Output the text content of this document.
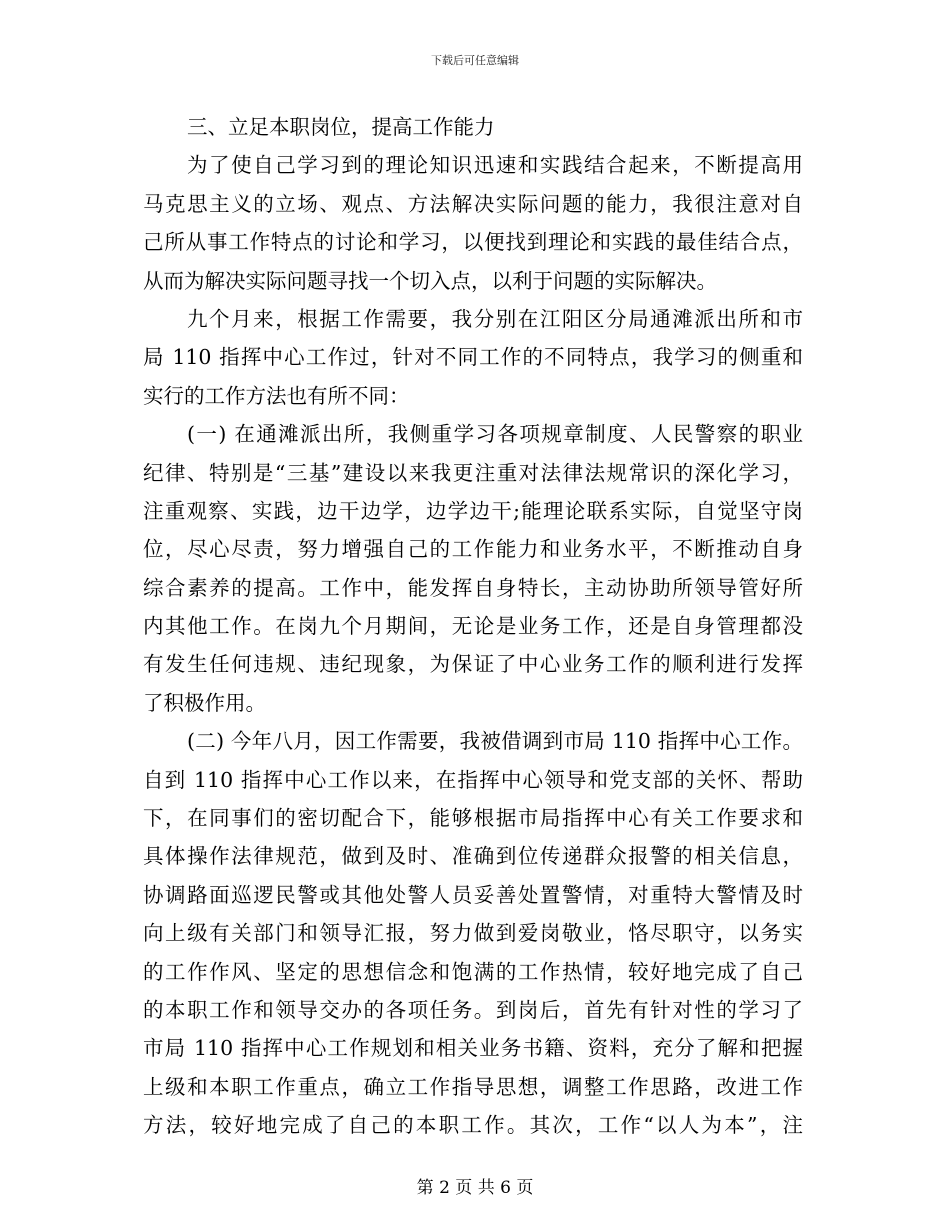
下载后可任意编辑
三、立足本职岗位，提高工作能力
为了使自己学习到的理论知识迅速和实践结合起来，不断提高用
马克思主义的立场、观点、方法解决实际问题的能力，我很注意对自
己所从事工作特点的讨论和学习，以便找到理论和实践的最佳结合点，
从而为解决实际问题寻找一个切入点，以利于问题的实际解决。
九个月来，根据工作需要，我分别在江阳区分局通滩派出所和市
局 110 指挥中心工作过，针对不同工作的不同特点，我学习的侧重和
实行的工作方法也有所不同：
(一) 在通滩派出所，我侧重学习各项规章制度、人民警察的职业
纪律、特别是“三基”建设以来我更注重对法律法规常识的深化学习，
注重观察、实践，边干边学，边学边干;能理论联系实际，自觉坚守岗
位，尽心尽责，努力增强自己的工作能力和业务水平，不断推动自身
综合素养的提高。工作中，能发挥自身特长，主动协助所领导管好所
内其他工作。在岗九个月期间，无论是业务工作，还是自身管理都没
有发生任何违规、违纪现象，为保证了中心业务工作的顺利进行发挥
了积极作用。
(二) 今年八月，因工作需要，我被借调到市局 110 指挥中心工作。
自到 110 指挥中心工作以来，在指挥中心领导和党支部的关怀、帮助
下，在同事们的密切配合下，能够根据市局指挥中心有关工作要求和
具体操作法律规范，做到及时、准确到位传递群众报警的相关信息，
协调路面巡逻民警或其他处警人员妥善处置警情，对重特大警情及时
向上级有关部门和领导汇报，努力做到爱岗敬业，恪尽职守，以务实
的工作作风、坚定的思想信念和饱满的工作热情，较好地完成了自己
的本职工作和领导交办的各项任务。到岗后，首先有针对性的学习了
市局 110 指挥中心工作规划和相关业务书籍、资料，充分了解和把握
上级和本职工作重点，确立工作指导思想，调整工作思路，改进工作
方法，较好地完成了自己的本职工作。其次，工作“以人为本”，注
第 2 页 共 6 页
